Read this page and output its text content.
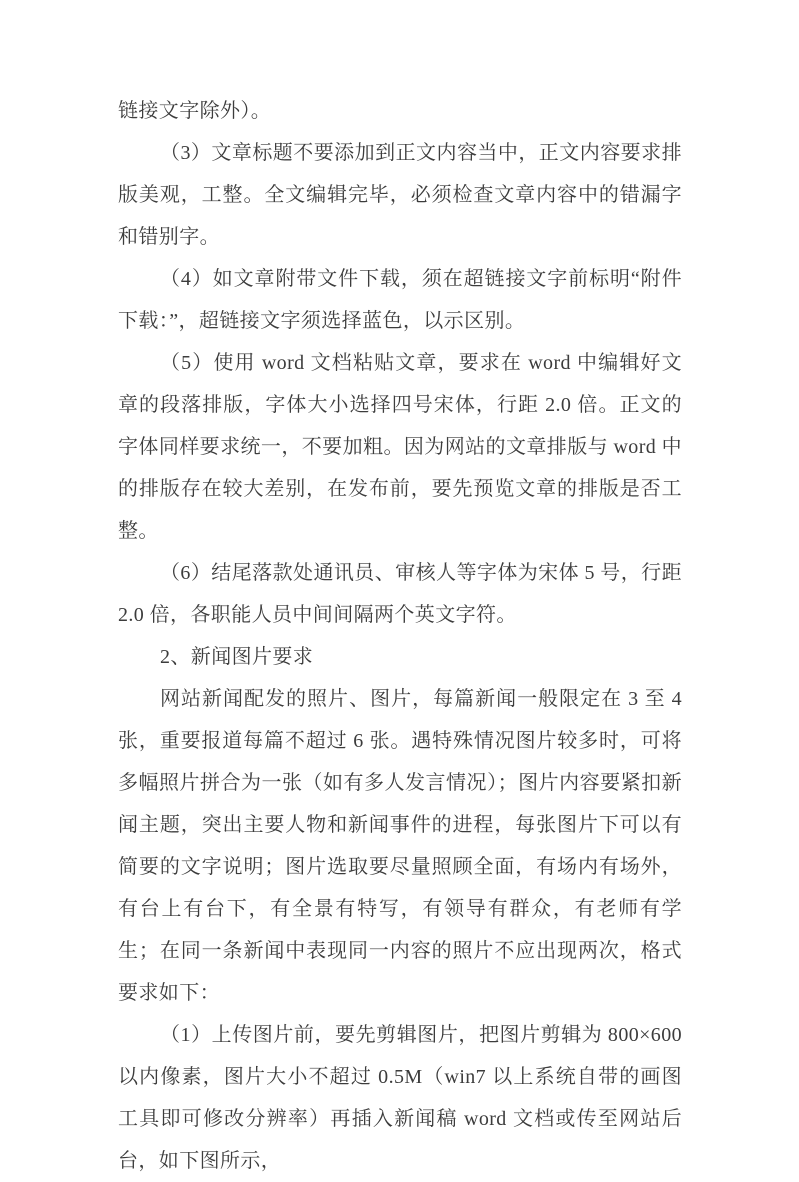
链接文字除外）。

（3）文章标题不要添加到正文内容当中，正文内容要求排版美观，工整。全文编辑完毕，必须检查文章内容中的错漏字和错别字。

（4）如文章附带文件下载，须在超链接文字前标明“附件下载：”，超链接文字须选择蓝色，以示区别。

（5）使用 word 文档粘贴文章，要求在 word 中编辑好文章的段落排版，字体大小选择四号宋体，行距 2.0 倍。正文的字体同样要求统一，不要加粗。因为网站的文章排版与 word 中的排版存在较大差别，在发布前，要先预览文章的排版是否工整。

（6）结尾落款处通讯员、审核人等字体为宋体 5 号，行距 2.0 倍，各职能人员中间间隔两个英文字符。

2、新闻图片要求

网站新闻配发的照片、图片，每篇新闻一般限定在 3 至 4 张，重要报道每篇不超过 6 张。遇特殊情况图片较多时，可将多幅照片拼合为一张（如有多人发言情况）；图片内容要紧扣新闻主题，突出主要人物和新闻事件的进程，每张图片下可以有简要的文字说明；图片选取要尽量照顾全面，有场内有场外，有台上有台下，有全景有特写，有领导有群众，有老师有学生；在同一条新闻中表现同一内容的照片不应出现两次，格式要求如下：

（1）上传图片前，要先剪辑图片，把图片剪辑为 800×600 以内像素，图片大小不超过 0.5M（win7 以上系统自带的画图工具即可修改分辨率）再插入新闻稿 word 文档或传至网站后台，如下图所示，
